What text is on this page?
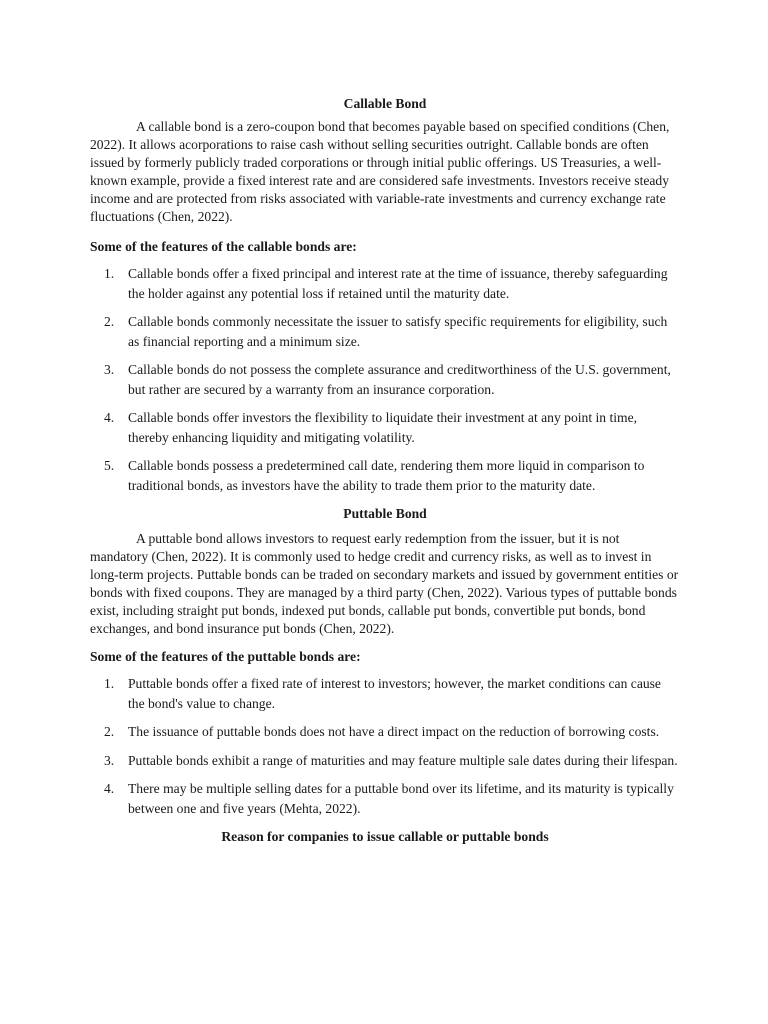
Callable Bond

A callable bond is a zero-coupon bond that becomes payable based on specified conditions (Chen, 2022). It allows acorporations to raise cash without selling securities outright. Callable bonds are often issued by formerly publicly traded corporations or through initial public offerings. US Treasuries, a well-known example, provide a fixed interest rate and are considered safe investments. Investors receive steady income and are protected from risks associated with variable-rate investments and currency exchange rate fluctuations (Chen, 2022).

Some of the features of the callable bonds are:

1. Callable bonds offer a fixed principal and interest rate at the time of issuance, thereby safeguarding the holder against any potential loss if retained until the maturity date.
2. Callable bonds commonly necessitate the issuer to satisfy specific requirements for eligibility, such as financial reporting and a minimum size.
3. Callable bonds do not possess the complete assurance and creditworthiness of the U.S. government, but rather are secured by a warranty from an insurance corporation.
4. Callable bonds offer investors the flexibility to liquidate their investment at any point in time, thereby enhancing liquidity and mitigating volatility.
5. Callable bonds possess a predetermined call date, rendering them more liquid in comparison to traditional bonds, as investors have the ability to trade them prior to the maturity date.

Puttable Bond

A puttable bond allows investors to request early redemption from the issuer, but it is not mandatory (Chen, 2022). It is commonly used to hedge credit and currency risks, as well as to invest in long-term projects. Puttable bonds can be traded on secondary markets and issued by government entities or bonds with fixed coupons. They are managed by a third party (Chen, 2022). Various types of puttable bonds exist, including straight put bonds, indexed put bonds, callable put bonds, convertible put bonds, bond exchanges, and bond insurance put bonds (Chen, 2022).

Some of the features of the puttable bonds are:

1. Puttable bonds offer a fixed rate of interest to investors; however, the market conditions can cause the bond's value to change.
2. The issuance of puttable bonds does not have a direct impact on the reduction of borrowing costs.
3. Puttable bonds exhibit a range of maturities and may feature multiple sale dates during their lifespan.
4. There may be multiple selling dates for a puttable bond over its lifetime, and its maturity is typically between one and five years (Mehta, 2022).

Reason for companies to issue callable or puttable bonds
